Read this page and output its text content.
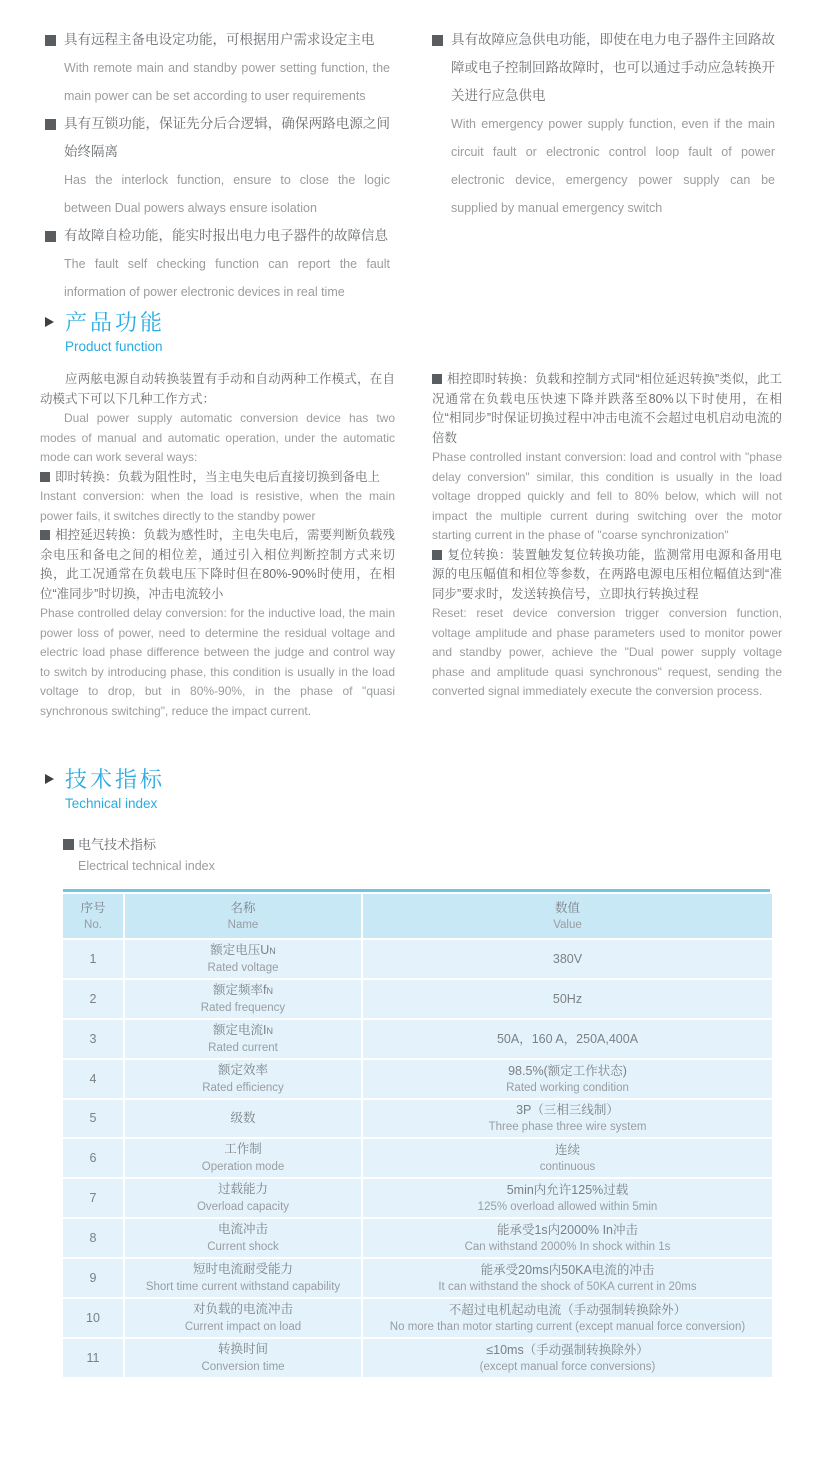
具有远程主备电设定功能，可根据用户需求设定主电
With remote main and standby power setting function, the main power can be set according to user requirements
具有互锁功能，保证先分后合逻辑，确保两路电源之间始终隔离
Has the interlock function, ensure to close the logic between Dual powers always ensure isolation
有故障自检功能，能实时报出电力电子器件的故障信息
The fault self checking function can report the fault information of power electronic devices in real time
具有故障应急供电功能，即使在电力电子器件主回路故障或电子控制回路故障时，也可以通过手动应急转换开关进行应急供电
With emergency power supply function, even if the main circuit fault or electronic control loop fault of power electronic device, emergency power supply can be supplied by manual emergency switch
产品功能
Product function

应两舷电源自动转换装置有手动和自动两种工作模式，在自动模式下可以下几种工作方式：

Dual power supply automatic conversion device has two modes of manual and automatic operation, under the automatic mode can work several ways:

即时转换：负载为阻性时，当主电失电后直接切换到备电上

Instant conversion: when the load is resistive, when the main power fails, it switches directly to the standby power

相控延迟转换：负载为感性时，主电失电后，需要判断负载残余电压和备电之间的相位差，通过引入相位判断控制方式来切换，此工况通常在负载电压下降时但在80%-90%时使用，在相位“准同步”时切换，冲击电流较小

Phase controlled delay conversion: for the inductive load, the main power loss of power, need to determine the residual voltage and electric load phase difference between the judge and control way to switch by introducing phase, this condition is usually in the load voltage to drop, but in 80%-90%, in the phase of "quasi synchronous switching", reduce the impact current.

相控即时转换：负载和控制方式同“相位延迟转换”类似，此工况通常在负载电压快速下降并跌落至80%以下时使用，在相位“相同步”时保证切换过程中冲击电流不会超过电机启动电流的倍数

Phase controlled instant conversion: load and control with "phase delay conversion" similar, this condition is usually in the load voltage dropped quickly and fell to 80% below, which will not impact the multiple current during switching over the motor starting current in the phase of "coarse synchronization"

复位转换：装置触发复位转换功能，监测常用电源和备用电源的电压幅值和相位等参数，在两路电源电压相位幅值达到“准同步”要求时，发送转换信号，立即执行转换过程

Reset: reset device conversion trigger conversion function, voltage amplitude and phase parameters used to monitor power and standby power, achieve the "Dual power supply voltage phase and amplitude quasi synchronous" request, sending the converted signal immediately execute the conversion process.

技术指标
Technical index
电气技术指标
Electrical technical index
序号
No.
名称
Name
数值
Value
1
额定电压UN
Rated voltage
380V
2
额定频率fN
Rated frequency
50Hz
3
额定电流IN
Rated current
50A，160 A，250A,400A
4
额定效率
Rated efficiency
98.5%(额定工作状态)
Rated working condition
5	级数
3P（三相三线制）
Three phase three wire system
6
工作制
Operation mode
连续
continuous
7
过载能力
Overload capacity
5min内允许125%过载
125% overload allowed within 5min
8
电流冲击
Current shock
能承受1s内2000% In冲击
Can withstand 2000% In shock within 1s
9
短时电流耐受能力
Short time current withstand capability
能承受20ms内50KA电流的冲击
It can withstand the shock of 50KA current in 20ms
10
对负载的电流冲击
Current impact on load
不超过电机起动电流（手动强制转换除外）
No more than motor starting current (except manual force conversion)
11
转换时间
Conversion time
≤10ms（手动强制转换除外）
(except manual force conversions)
